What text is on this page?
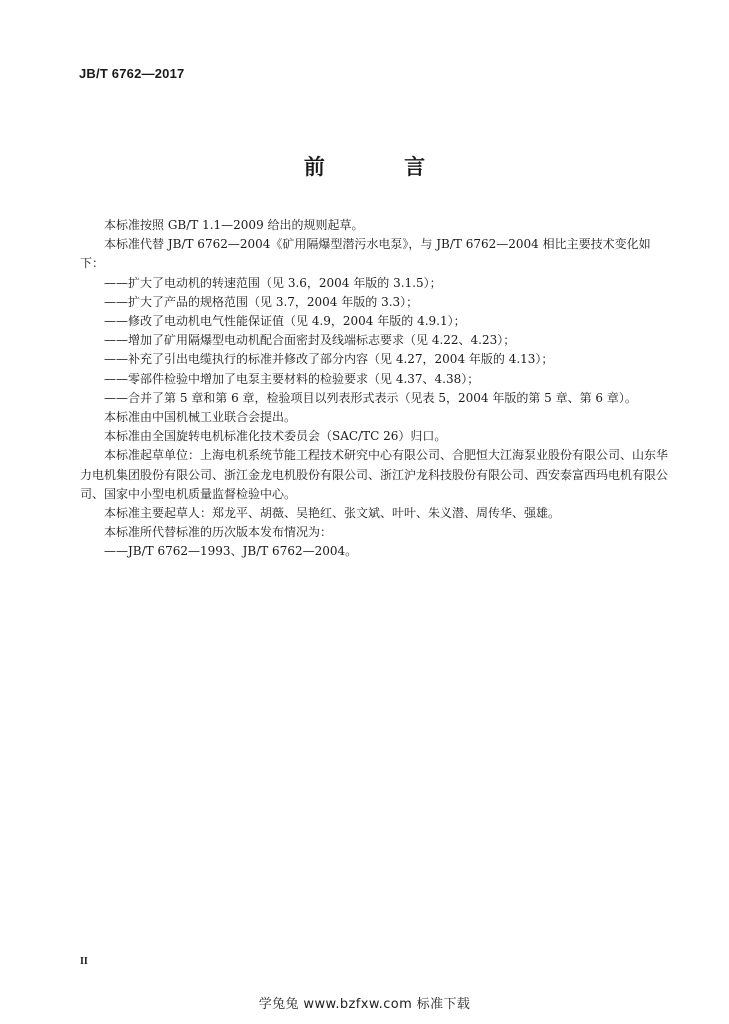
JB/T 6762—2017
前 言

本标准按照 GB/T 1.1—2009 给出的规则起草。

本标准代替 JB/T 6762—2004《矿用隔爆型潜污水电泵》，与 JB/T 6762—2004 相比主要技术变化如下：

——扩大了电动机的转速范围（见 3.6，2004 年版的 3.1.5）；

——扩大了产品的规格范围（见 3.7，2004 年版的 3.3）；

——修改了电动机电气性能保证值（见 4.9，2004 年版的 4.9.1）；

——增加了矿用隔爆型电动机配合面密封及线端标志要求（见 4.22、4.23）；

——补充了引出电缆执行的标准并修改了部分内容（见 4.27，2004 年版的 4.13）；

——零部件检验中增加了电泵主要材料的检验要求（见 4.37、4.38）；

——合并了第 5 章和第 6 章，检验项目以列表形式表示（见表 5，2004 年版的第 5 章、第 6 章）。

本标准由中国机械工业联合会提出。

本标准由全国旋转电机标准化技术委员会（SAC/TC 26）归口。

本标准起草单位：上海电机系统节能工程技术研究中心有限公司、合肥恒大江海泵业股份有限公司、山东华力电机集团股份有限公司、浙江金龙电机股份有限公司、浙江沪龙科技股份有限公司、西安泰富西玛电机有限公司、国家中小型电机质量监督检验中心。

本标准主要起草人：郑龙平、胡薇、吴艳红、张文斌、叶叶、朱义潜、周传华、强雄。

本标准所代替标准的历次版本发布情况为：

——JB/T 6762—1993、JB/T 6762—2004。

II
学兔兔 www.bzfxw.com 标准下载
